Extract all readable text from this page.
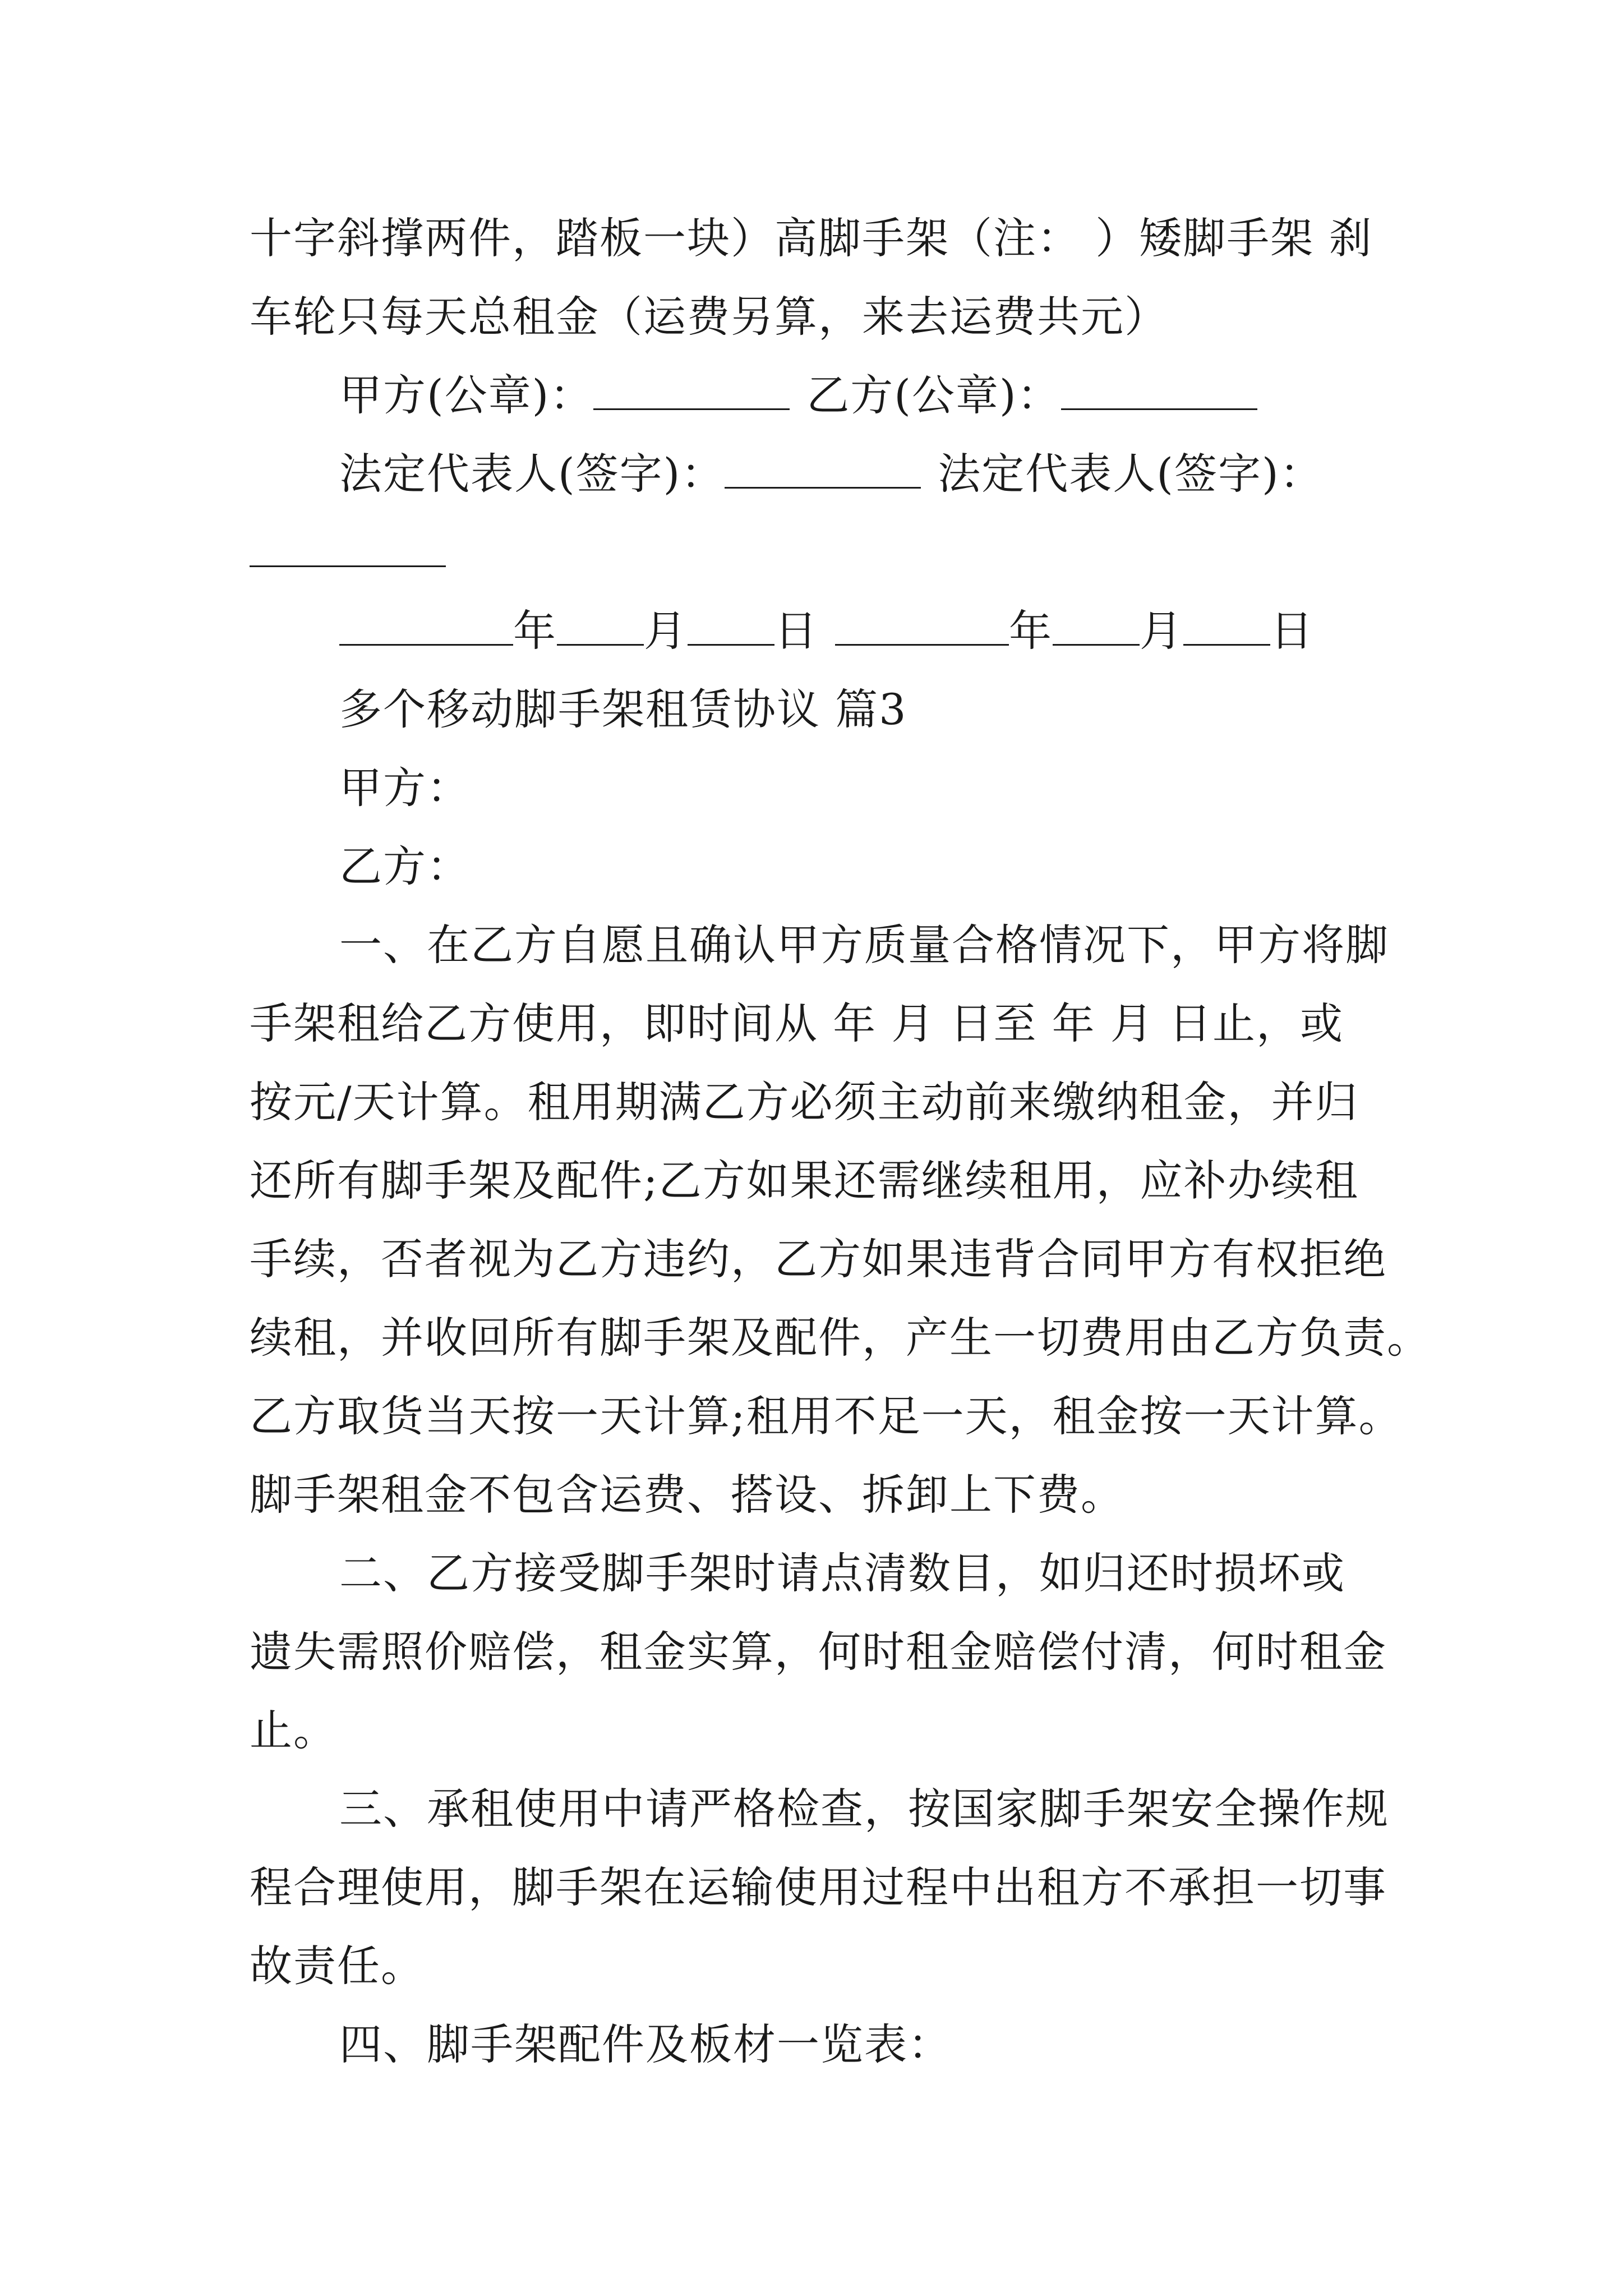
十字斜撑两件，踏板一块）高脚手架（注： ）矮脚手架 刹
车轮只每天总租金（运费另算，来去运费共元）
甲方(公章)：	乙方(公章)：
法定代表人(签字)：	法定代表人(签字)：
年 月 日	年 月 日
多个移动脚手架租赁协议 篇3
甲方：
乙方：
一、在乙方自愿且确认甲方质量合格情况下，甲方将脚
手架租给乙方使用，即时间从 年 月 日至 年 月 日止，或
按元/天计算。租用期满乙方必须主动前来缴纳租金，并归
还所有脚手架及配件;乙方如果还需继续租用，应补办续租
手续，否者视为乙方违约，乙方如果违背合同甲方有权拒绝
续租，并收回所有脚手架及配件，产生一切费用由乙方负责。
乙方取货当天按一天计算;租用不足一天，租金按一天计算。
脚手架租金不包含运费、搭设、拆卸上下费。
二、乙方接受脚手架时请点清数目，如归还时损坏或
遗失需照价赔偿，租金实算，何时租金赔偿付清，何时租金
止。
三、承租使用中请严格检查，按国家脚手架安全操作规
程合理使用，脚手架在运输使用过程中出租方不承担一切事
故责任。
四、脚手架配件及板材一览表：
